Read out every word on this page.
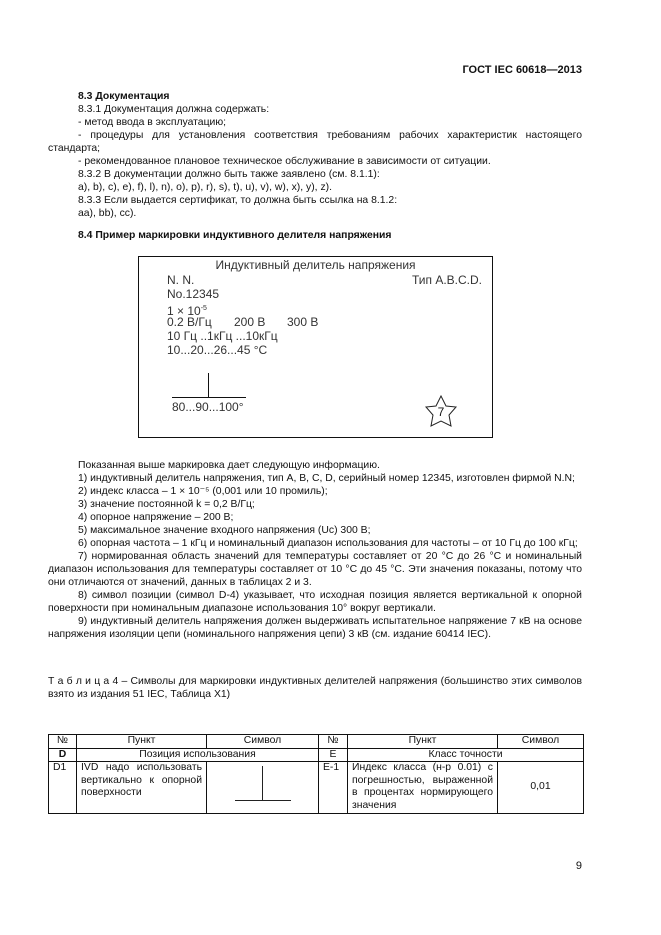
ГОСТ IEC 60618—2013
8.3 Документация

8.3.1 Документация должна содержать:

- метод ввода в эксплуатацию;

- процедуры для установления соответствия требованиям рабочих характеристик настоящего стандарта;

- рекомендованное плановое техническое обслуживание в зависимости от ситуации.

8.3.2 В документации должно быть также заявлено (см. 8.1.1):

a), b), c), e), f), l), n), o), p), r), s), t), u), v), w), x), y), z).

8.3.3 Если выдается сертификат, то должна быть ссылка на 8.1.2:

aa), bb), cc).

8.4 Пример маркировки индуктивного делителя напряжения
Индуктивный делитель напряжения
N. N.	Тип A.B.C.D.
No.12345
$1 \times 10^{-5}$
0.2 В/Гц 200 В 300 В
10 Гц ..1кГц ...10кГц
10...20...26...45 °C
80...90...100°	7

Показанная выше маркировка дает следующую информацию.

1) индуктивный делитель напряжения, тип A, B, C, D, серийный номер 12345, изготовлен фирмой N.N;

2) индекс класса – 1 × 10⁻⁵ (0,001 или 10 промиль);

3) значение постоянной k = 0,2 В/Гц;

4) опорное напряжение – 200 В;

5) максимальное значение входного напряжения (Uc) 300 В;

6) опорная частота – 1 кГц и номинальный диапазон использования для частоты – от 10 Гц до 100 кГц;

7) нормированная область значений для температуры составляет от 20 °С до 26 °С и номинальный диапазон использования для температуры составляет от 10 °С до 45 °С. Эти значения показаны, потому что они отличаются от значений, данных в таблицах 2 и 3.

8) символ позиции (символ D-4) указывает, что исходная позиция является вертикальной к опорной поверхности при номинальным диапазоне использования 10° вокруг вертикали.

9) индуктивный делитель напряжения должен выдерживать испытательное напряжение 7 кВ на основе напряжения изоляции цепи (номинального напряжения цепи) 3 кВ (см. издание 60414 IEC).

Т а б л и ц а 4 – Символы для маркировки индуктивных делителей напряжения (большинство этих символов взято из издания 51 IEC, Таблица X1)
№	Пункт	Символ	№	Пункт	Символ
D	Позиция использования		E	Класс точности	
D1	IVD надо использовать вертикально к опорной поверхности		E-1	Индекс класса (н-р 0.01) с погрешностью, выраженной в процентах нормирующего значения	0,01
9
